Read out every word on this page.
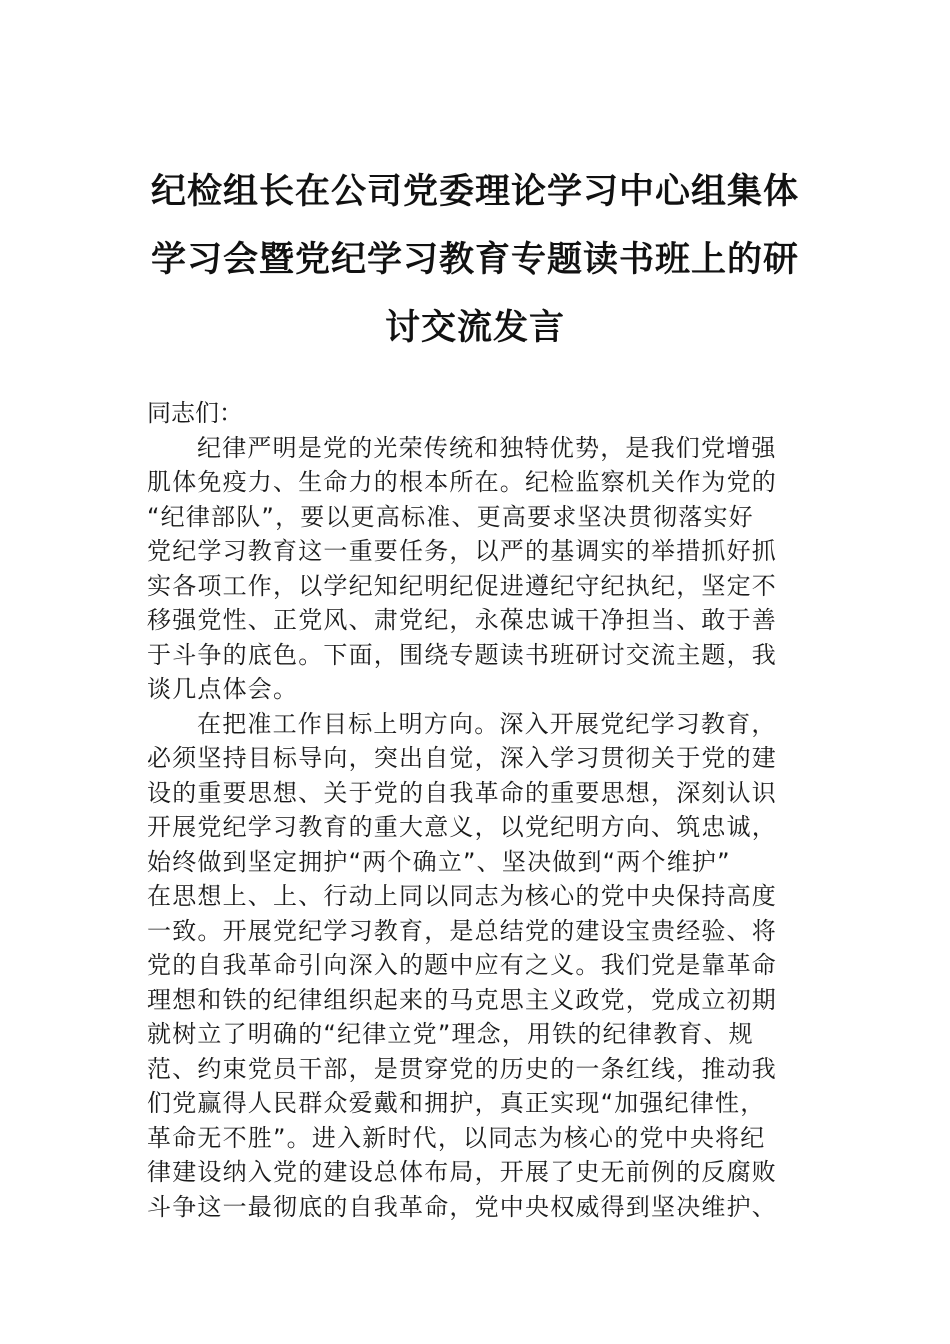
纪检组长在公司党委理论学习中心组集体
学习会暨党纪学习教育专题读书班上的研
讨交流发言

同志们：

纪律严明是党的光荣传统和独特优势，是我们党增强
肌体免疫力、生命力的根本所在。纪检监察机关作为党的
“纪律部队”，要以更高标准、更高要求坚决贯彻落实好
党纪学习教育这一重要任务，以严的基调实的举措抓好抓
实各项工作，以学纪知纪明纪促进遵纪守纪执纪，坚定不
移强党性、正党风、肃党纪，永葆忠诚干净担当、敢于善
于斗争的底色。下面，围绕专题读书班研讨交流主题，我
谈几点体会。

在把准工作目标上明方向。深入开展党纪学习教育，
必须坚持目标导向，突出自觉，深入学习贯彻关于党的建
设的重要思想、关于党的自我革命的重要思想，深刻认识
开展党纪学习教育的重大意义，以党纪明方向、筑忠诚，
始终做到坚定拥护“两个确立”、坚决做到“两个维护”
在思想上、上、行动上同以同志为核心的党中央保持高度
一致。开展党纪学习教育，是总结党的建设宝贵经验、将
党的自我革命引向深入的题中应有之义。我们党是靠革命
理想和铁的纪律组织起来的马克思主义政党，党成立初期
就树立了明确的“纪律立党”理念，用铁的纪律教育、规
范、约束党员干部，是贯穿党的历史的一条红线，推动我
们党赢得人民群众爱戴和拥护，真正实现“加强纪律性，
革命无不胜”。进入新时代，以同志为核心的党中央将纪
律建设纳入党的建设总体布局，开展了史无前例的反腐败
斗争这一最彻底的自我革命，党中央权威得到坚决维护、
